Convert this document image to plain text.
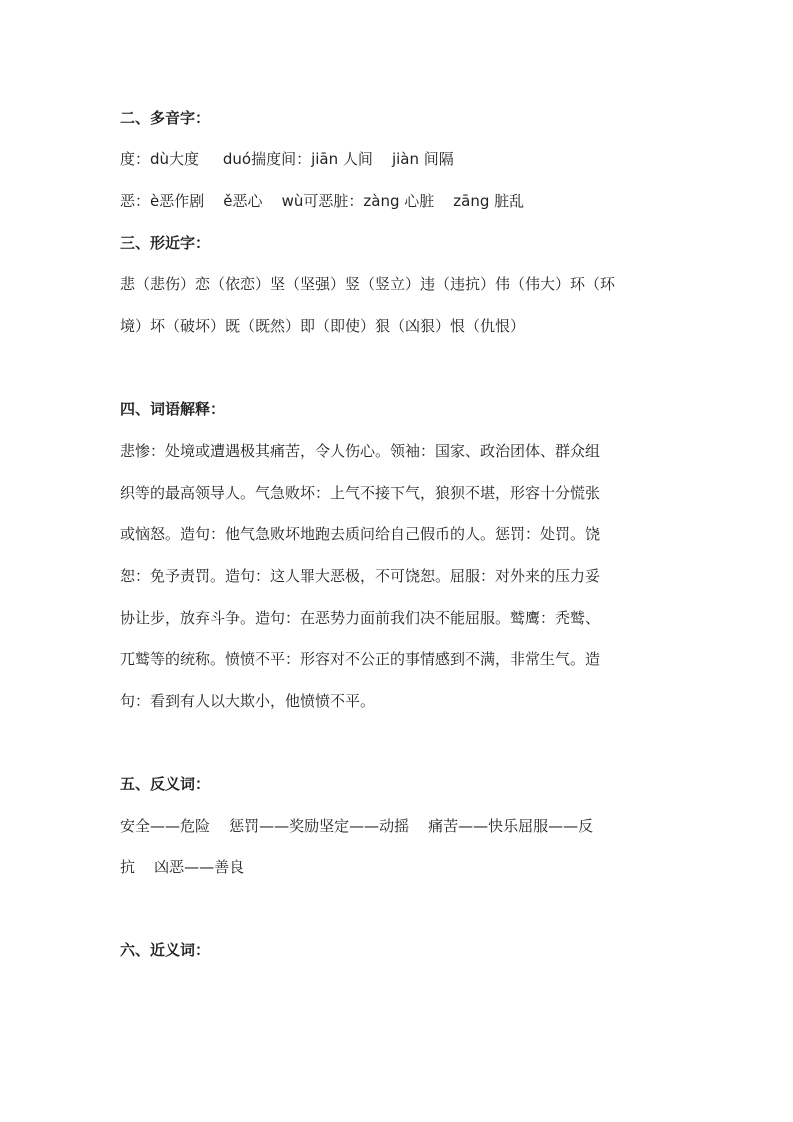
二、多音字：
度：dù大度     duó揣度间：jiān 人间    jiàn 间隔
恶：è恶作剧    ě恶心    wù可恶脏：zàng 心脏    zāng 脏乱
三、形近字：
悲（悲伤）恋（依恋）坚（坚强）竖（竖立）违（违抗）伟（伟大）环（环
境）坏（破坏）既（既然）即（即使）狠（凶狠）恨（仇恨）
四、词语解释：
悲惨：处境或遭遇极其痛苦，令人伤心。领袖：国家、政治团体、群众组
织等的最高领导人。气急败坏：上气不接下气，狼狈不堪，形容十分慌张
或恼怒。造句：他气急败坏地跑去质问给自己假币的人。惩罚：处罚。饶
恕：免予责罚。造句：这人罪大恶极，不可饶恕。屈服：对外来的压力妥
协让步，放弃斗争。造句：在恶势力面前我们决不能屈服。鹫鹰：秃鹫、
兀鹫等的统称。愤愤不平：形容对不公正的事情感到不满，非常生气。造
句：看到有人以大欺小，他愤愤不平。
五、反义词：
安全——危险    惩罚——奖励坚定——动摇    痛苦——快乐屈服——反
抗    凶恶——善良
六、近义词：
